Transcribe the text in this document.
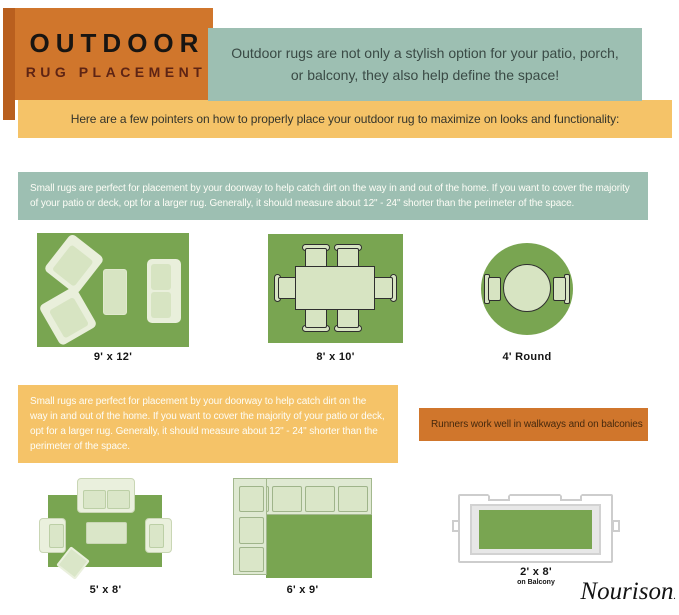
OUTDOOR
RUG PLACEMENT
Outdoor rugs are not only a stylish option for your patio, porch, or balcony, they also help define the space!
Here are a few pointers on how to properly place your outdoor rug to maximize on looks and functionality:
Small rugs are perfect for placement by your doorway to help catch dirt on the way in and out of the home. If you want to cover the majority of your patio or deck, opt for a larger rug. Generally, it should measure about 12" - 24" shorter than the perimeter of the space.
9' x 12'	8' x 10'	4' Round
Small rugs are perfect for placement by your doorway to help catch dirt on the way in and out of the home. If you want to cover the majority of your patio or deck, opt for a larger rug. Generally, it should measure about 12" - 24" shorter than the perimeter of the space.
Runners work well in walkways and on balconies
5' x 8'	6' x 9'
2' x 8'
on Balcony	Nourison.
